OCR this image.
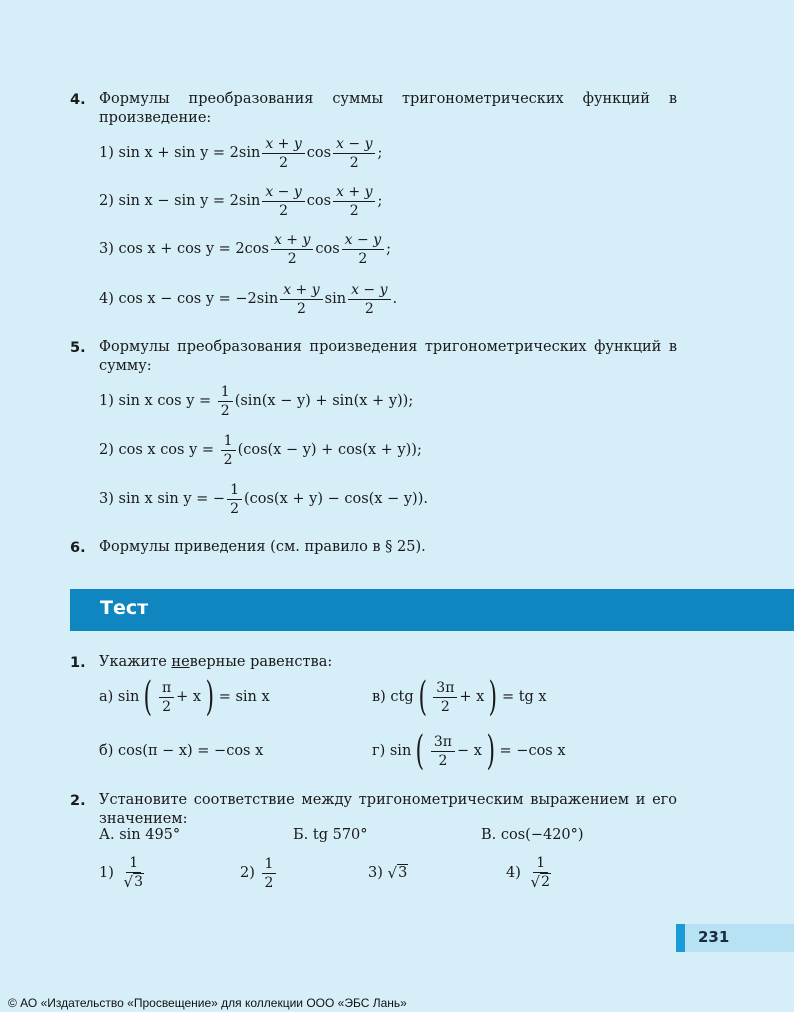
4. Формулы преобразования суммы тригонометрических функций в произведение:
1)
$\sin x + \sin y = 2\sin \frac{x + y}{2}$ $\cos \frac{x - y}{2}$ ;
2)
$\sin x - \sin y = 2\sin \frac{x - y}{2}$ $\cos \frac{x + y}{2}$ ;
3)
$\cos x + \cos y = 2\cos \frac{x + y}{2}$ $\cos \frac{x - y}{2}$ ;
4)
$\cos x - \cos y = -2\sin \frac{x + y}{2}$ $\sin \frac{x - y}{2}$ .
5. Формулы преобразования произведения тригонометрических функций в сумму:
1)
sin x cos y =
$\frac{1}{2} (\sin(x - y) + \sin(x + y))$;
2)
cos x cos y =
$\frac{1}{2} (\cos(x - y) + \cos(x + y))$;
3)
sin x sin y =
− $\frac{1}{2} (\cos(x + y) - \cos(x - y))$.
6. Формулы приведения (см. правило в § 25).
Тест
1. Укажите неверные равенства:
а) sin ( $\frac{\pi}{2} + x$ ) = sin x	в) ctg ( $\frac{3\pi}{2} + x$ ) = tg x
б) cos(π − x) = −cos x	г) sin ( $\frac{3\pi}{2} - x$ ) = −cos x
2. Установите соответствие между тригонометрическим выражением и его значением:
А. sin 495°	Б. tg 570°	В. cos(−420°)
1)
$\frac{1}{√ 3}$	2)
$\frac{1}{2}$	3)
√ 3	4)
$\frac{1}{√ 2}$
231
© АО «Издательство «Просвещение» для коллекции ООО «ЭБС Лань»
